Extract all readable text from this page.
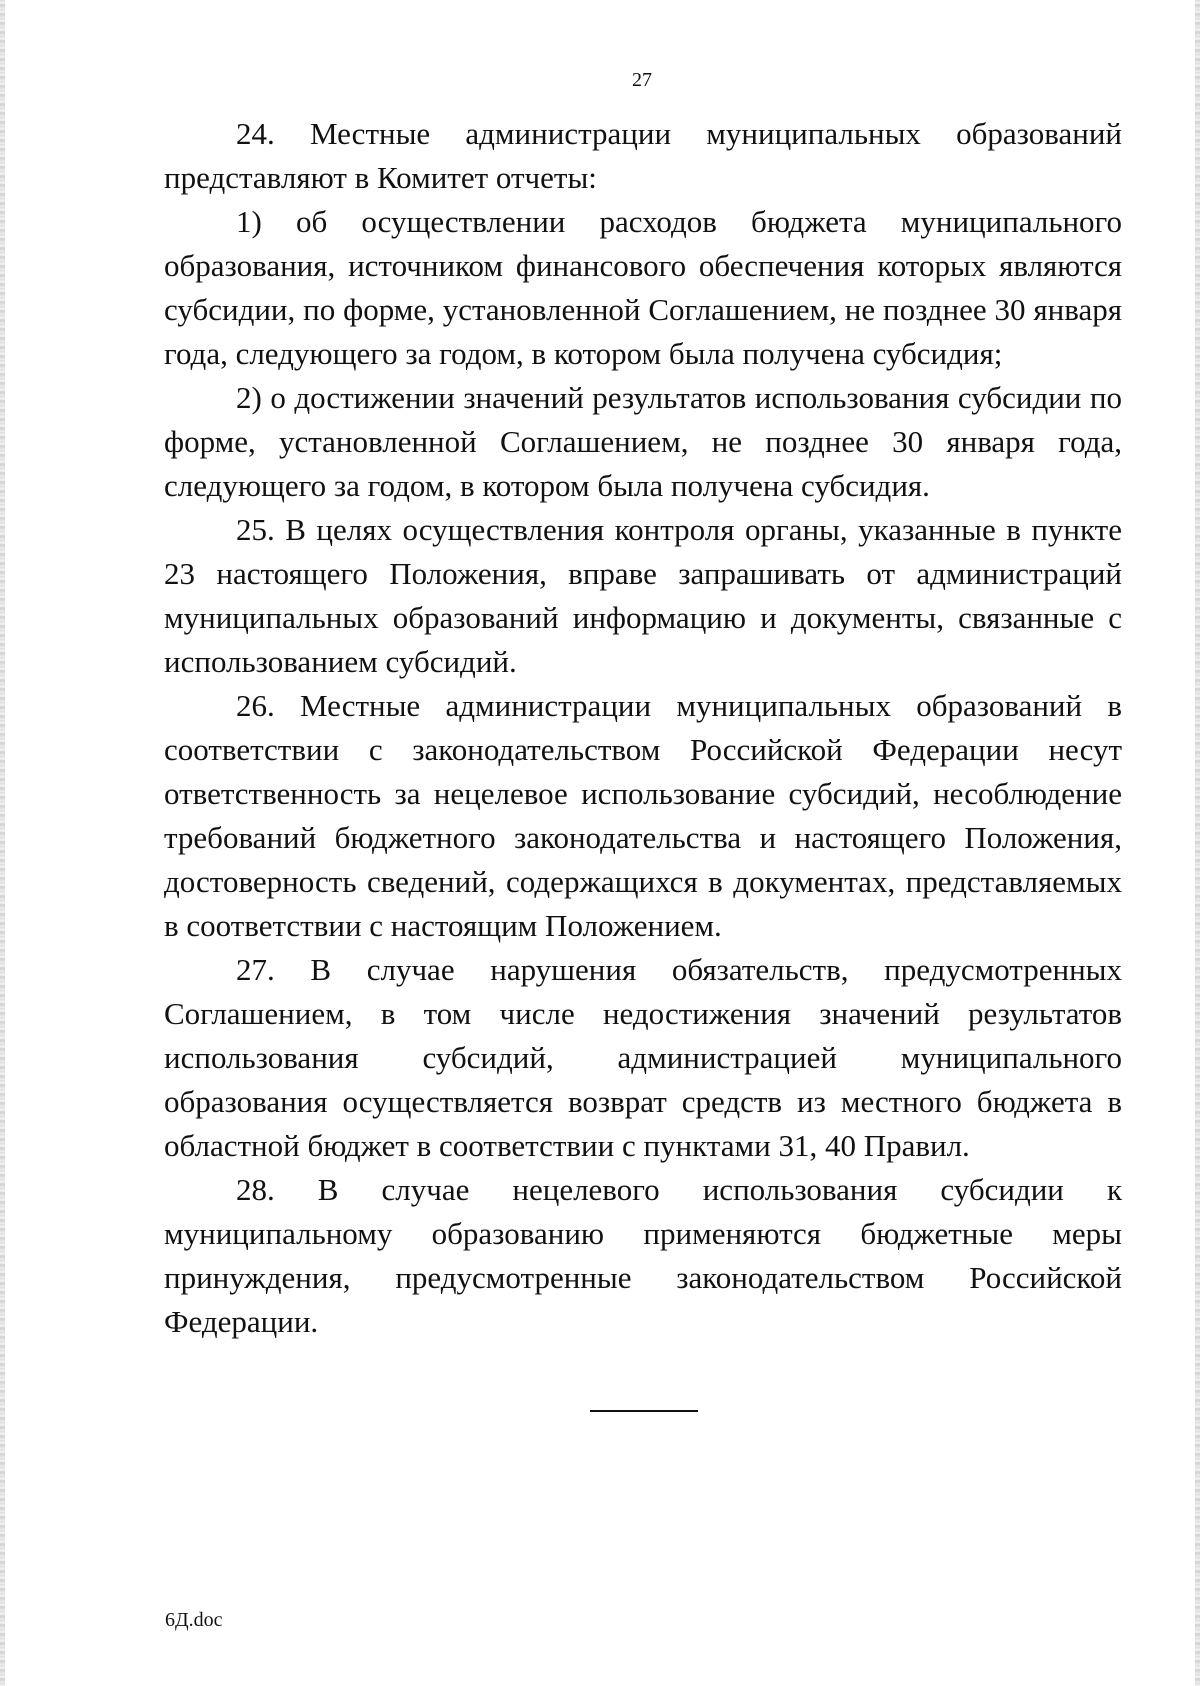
27

24. Местные администрации муниципальных образований представляют в Комитет отчеты:

1) об осуществлении расходов бюджета муниципального образования, источником финансового обеспечения которых являются субсидии, по форме, установленной Соглашением, не позднее 30 января года, следующего за годом, в котором была получена субсидия;

2) о достижении значений результатов использования субсидии по форме, установленной Соглашением, не позднее 30 января года, следующего за годом, в котором была получена субсидия.

25. В целях осуществления контроля органы, указанные в пункте 23 настоящего Положения, вправе запрашивать от администраций муниципальных образований информацию и документы, связанные с использованием субсидий.

26. Местные администрации муниципальных образований в соответствии с законодательством Российской Федерации несут ответственность за нецелевое использование субсидий, несоблюдение требований бюджетного законодательства и настоящего Положения, достоверность сведений, содержащихся в документах, представляемых в соответствии с настоящим Положением.

27. В случае нарушения обязательств, предусмотренных Соглашением, в том числе недостижения значений результатов использования субсидий, администрацией муниципального образования осуществляется возврат средств из местного бюджета в областной бюджет в соответствии с пунктами 31, 40 Правил.

28. В случае нецелевого использования субсидии к муниципальному образованию применяются бюджетные меры принуждения, предусмотренные законодательством Российской Федерации.

6Д.doc
